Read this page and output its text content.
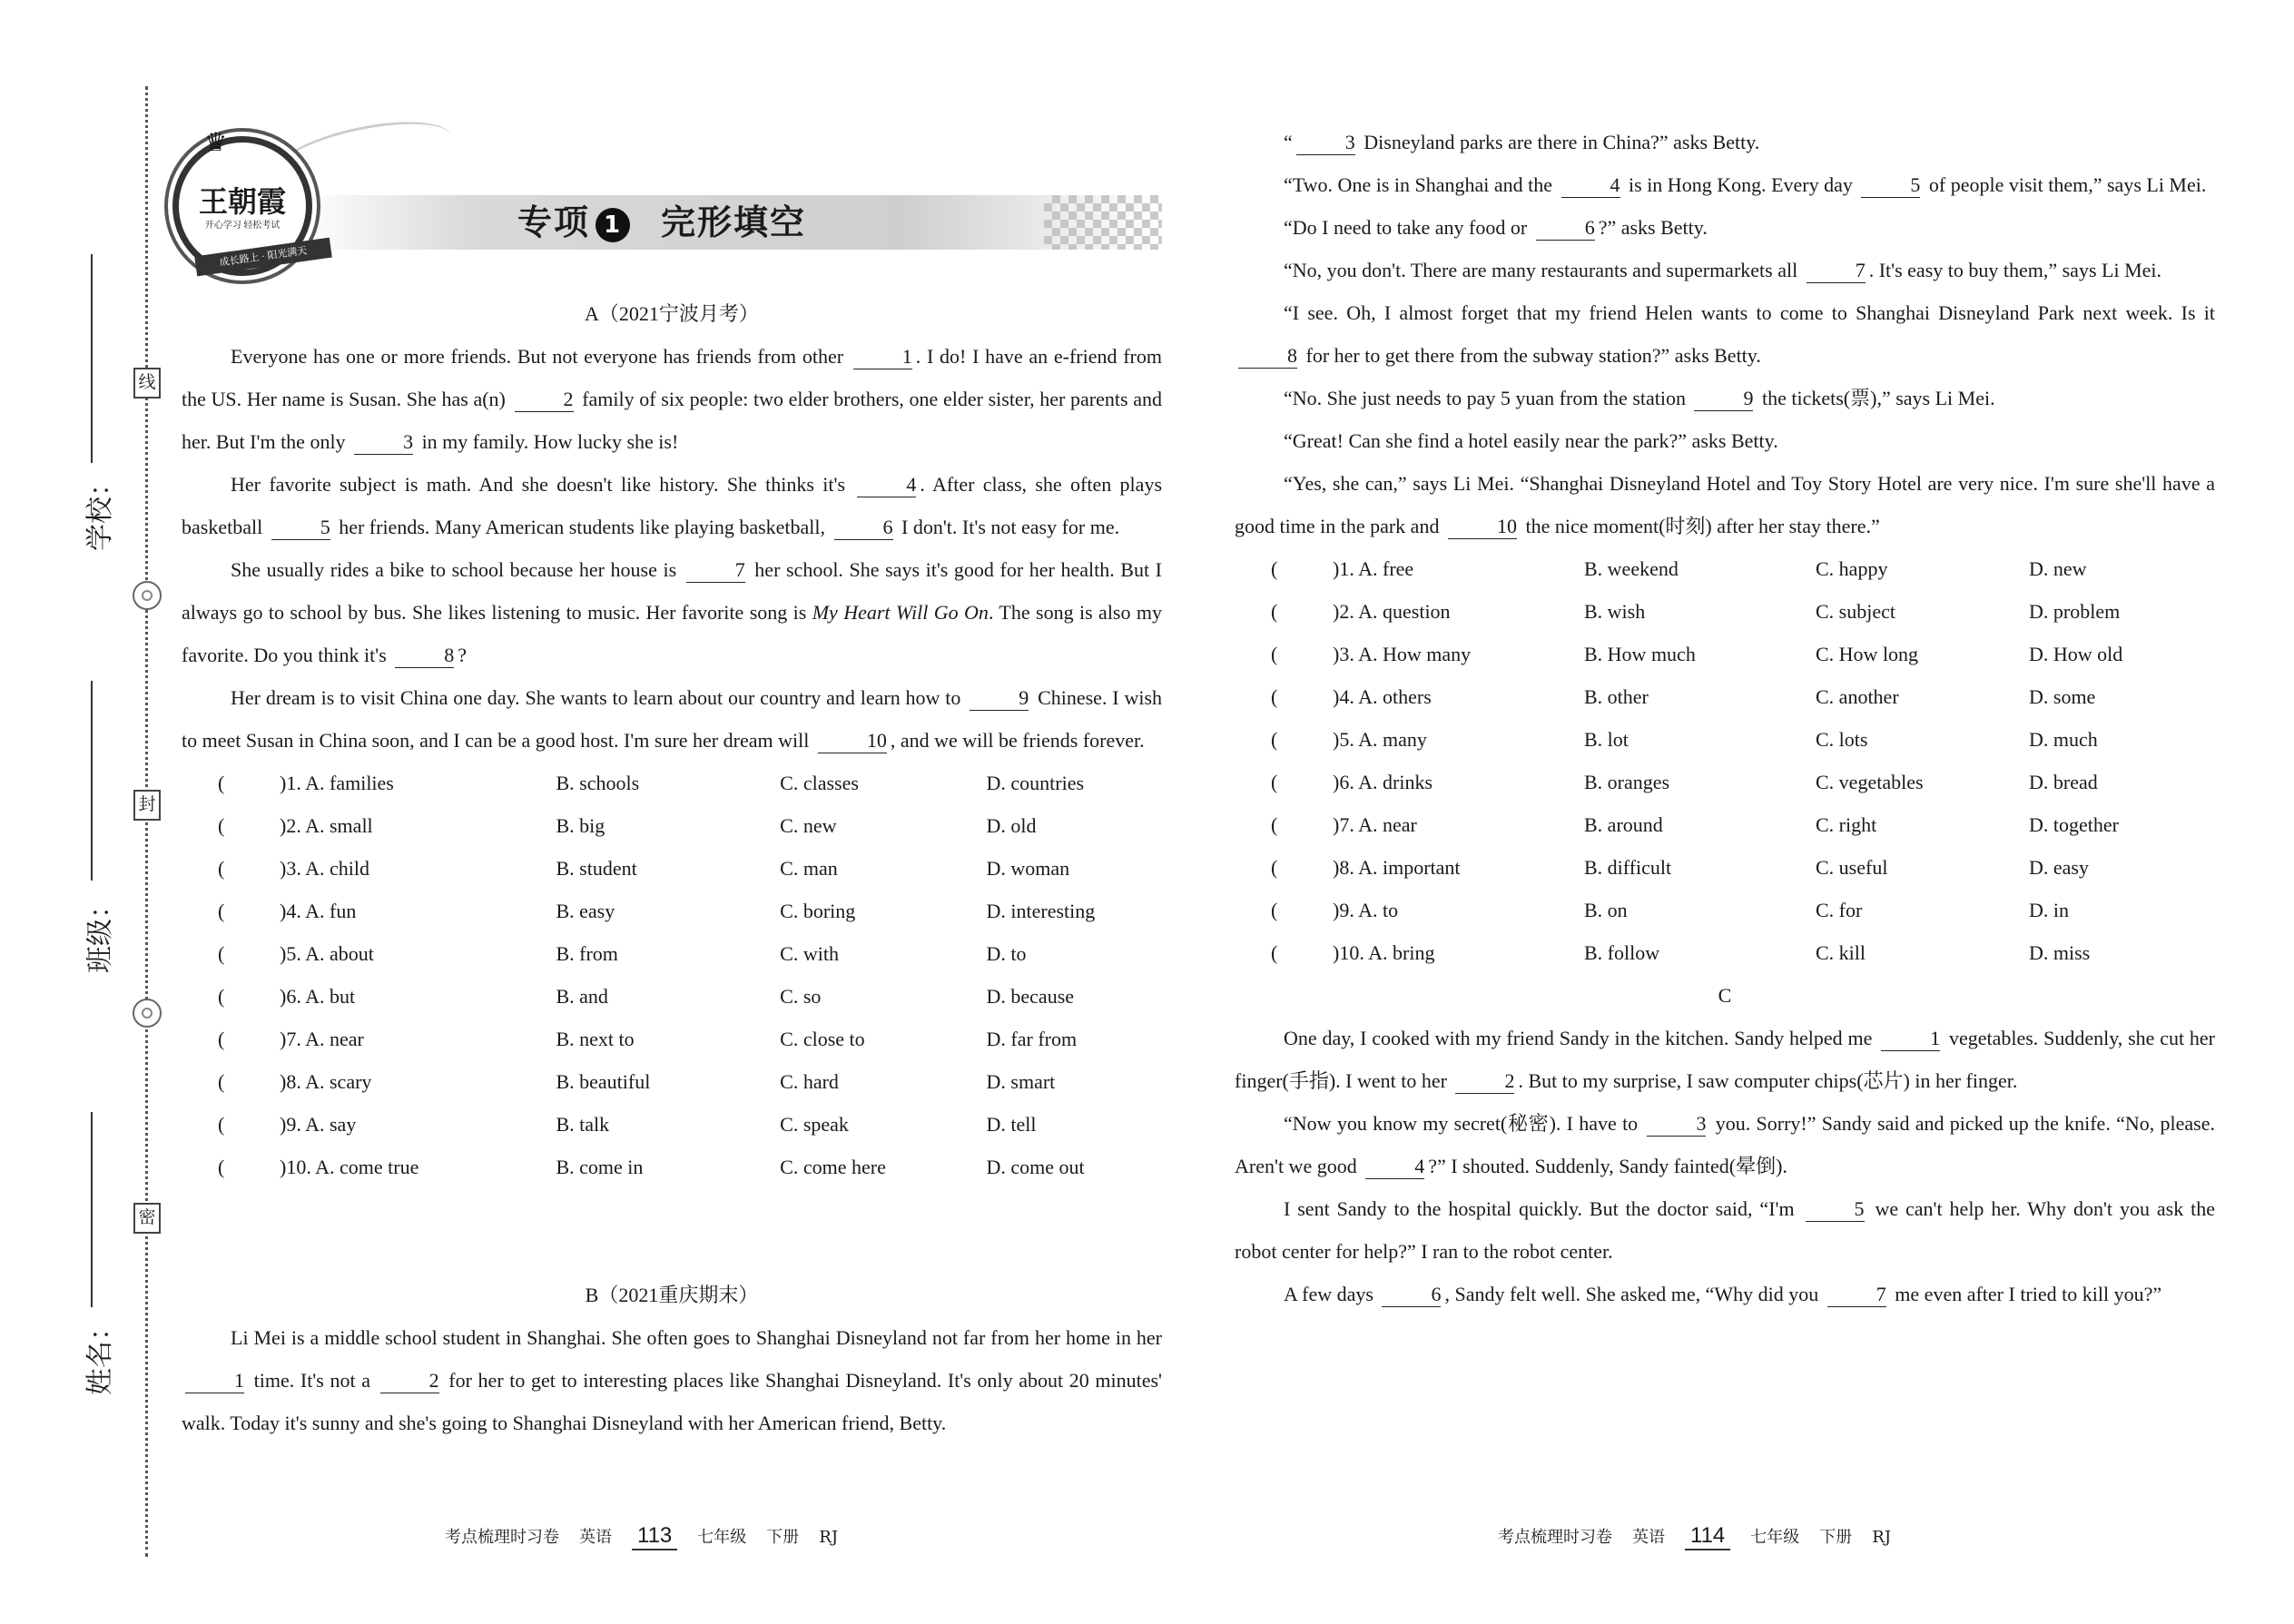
线
封
密
学校：
班级：
姓名：
王朝霞
开心学习 轻松考试
♛
成长路上 · 阳光满天
专项 1 完形填空

A（2021宁波月考）

Everyone has one or more friends. But not everyone has friends from other	1 . I do! I have an e-friend from the US. Her name is Susan. She has a(n)	2 family of six people: two elder brothers, one elder sister, her parents and her. But I'm the only	3 in my family. How lucky she is!

Her favorite subject is math. And she doesn't like history. She thinks it's	4 . After class, she often plays basketball	5 her friends. Many American students like playing basketball,	6 I don't. It's not easy for me.

She usually rides a bike to school because her house is	7 her school. She says it's good for her health. But I always go to school by bus. She likes listening to music. Her favorite song is My Heart Will Go On. The song is also my favorite. Do you think it's	8 ?

Her dream is to visit China one day. She wants to learn about our country and learn how to	9 Chinese. I wish to meet Susan in China soon, and I can be a good host. I'm sure her dream will	10 , and we will be friends forever.

(	)1. A. families	B. schools	C. classes	D. countries
(	)2. A. small	B. big	C. new	D. old
(	)3. A. child	B. student	C. man	D. woman
(	)4. A. fun	B. easy	C. boring	D. interesting
(	)5. A. about	B. from	C. with	D. to
(	)6. A. but	B. and	C. so	D. because
(	)7. A. near	B. next to	C. close to	D. far from
(	)8. A. scary	B. beautiful	C. hard	D. smart
(	)9. A. say	B. talk	C. speak	D. tell
(	)10. A. come true	B. come in	C. come here	D. come out

B（2021重庆期末）

Li Mei is a middle school student in Shanghai. She often goes to Shanghai Disneyland not far from her home in her 1 time. It's not a	2 for her to get to interesting places like Shanghai Disneyland. It's only about 20 minutes' walk. Today it's sunny and she's going to Shanghai Disneyland with her American friend, Betty.

考点梳理时习卷 英语 113 七年级 下册 RJ

“	3 Disneyland parks are there in China?” asks Betty.

“Two. One is in Shanghai and the	4 is in Hong Kong. Every day	5 of people visit them,” says Li Mei.

“Do I need to take any food or	6 ?” asks Betty.

“No, you don't. There are many restaurants and supermarkets all	7 . It's easy to buy them,” says Li Mei.

“I see. Oh, I almost forget that my friend Helen wants to come to Shanghai Disneyland Park next week. Is it 8 for her to get there from the subway station?” asks Betty.

“No. She just needs to pay 5 yuan from the station	9 the tickets(票),” says Li Mei.

“Great! Can she find a hotel easily near the park?” asks Betty.

“Yes, she can,” says Li Mei. “Shanghai Disneyland Hotel and Toy Story Hotel are very nice. I'm sure she'll have a good time in the park and	10 the nice moment(时刻) after her stay there.”

(	)1. A. free	B. weekend	C. happy	D. new
(	)2. A. question	B. wish	C. subject	D. problem
(	)3. A. How many	B. How much	C. How long	D. How old
(	)4. A. others	B. other	C. another	D. some
(	)5. A. many	B. lot	C. lots	D. much
(	)6. A. drinks	B. oranges	C. vegetables	D. bread
(	)7. A. near	B. around	C. right	D. together
(	)8. A. important	B. difficult	C. useful	D. easy
(	)9. A. to	B. on	C. for	D. in
(	)10. A. bring	B. follow	C. kill	D. miss

C

One day, I cooked with my friend Sandy in the kitchen. Sandy helped me	1 vegetables. Suddenly, she cut her finger(手指). I went to her	2 . But to my surprise, I saw computer chips(芯片) in her finger.

“Now you know my secret(秘密). I have to	3 you. Sorry!” Sandy said and picked up the knife. “No, please. Aren't we good	4 ?” I shouted. Suddenly, Sandy fainted(晕倒).

I sent Sandy to the hospital quickly. But the doctor said, “I'm	5 we can't help her. Why don't you ask the robot center for help?” I ran to the robot center.

A few days	6 , Sandy felt well. She asked me, “Why did you	7 me even after I tried to kill you?”

考点梳理时习卷 英语 114 七年级 下册 RJ
